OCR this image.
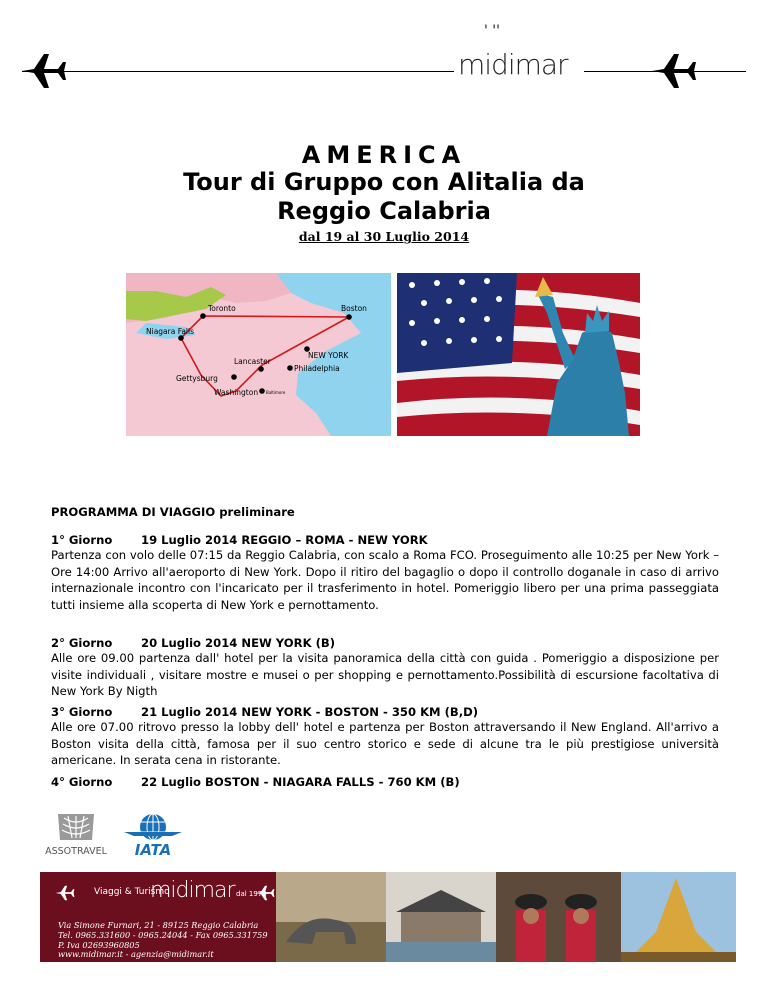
' ''
midimar
AMERICA
Tour di Gruppo con Alitalia da
Reggio Calabria
dal 19 al 30 Luglio 2014
Toronto	Boston
Niagara Falls
NEW YORK
Lancaster
Philadelphia
Gettysburg
Washington Baltimore
PROGRAMMA DI VIAGGIO preliminare
1° Giorno 19 Luglio 2014 REGGIO – ROMA - NEW YORK
Partenza con volo delle 07:15 da Reggio Calabria, con scalo a Roma FCO. Proseguimento alle 10:25 per New York – Ore 14:00 Arrivo all'aeroporto di New York. Dopo il ritiro del bagaglio o dopo il controllo doganale in caso di arrivo internazionale incontro con l'incaricato per il trasferimento in hotel. Pomeriggio libero per una prima passeggiata tutti insieme alla scoperta di New York e pernottamento.
2° Giorno 20 Luglio 2014 NEW YORK (B)
Alle ore 09.00 partenza dall' hotel per la visita panoramica della città con guida . Pomeriggio a disposizione per visite individuali , visitare mostre e musei o per shopping e pernottamento.Possibilità di escursione facoltativa di New York By Nigth
3° Giorno 21 Luglio 2014 NEW YORK - BOSTON - 350 KM (B,D)
Alle ore 07.00 ritrovo presso la lobby dell' hotel e partenza per Boston attraversando il New England. All'arrivo a Boston visita della città, famosa per il suo centro storico e sede di alcune tra le più prestigiose università americane. In serata cena in ristorante.
4° Giorno 22 Luglio BOSTON - NIAGARA FALLS - 760 KM (B)
ASSOTRAVEL IATA
Viaggi & Turismo
midimar dal 1978
Via Simone Furnari, 21 - 89125 Reggio Calabria
Tel. 0965.331600 - 0965.24044 - Fax 0965.331759
P. Iva 02693960805
www.midimar.it - agenzia@midimar.it
